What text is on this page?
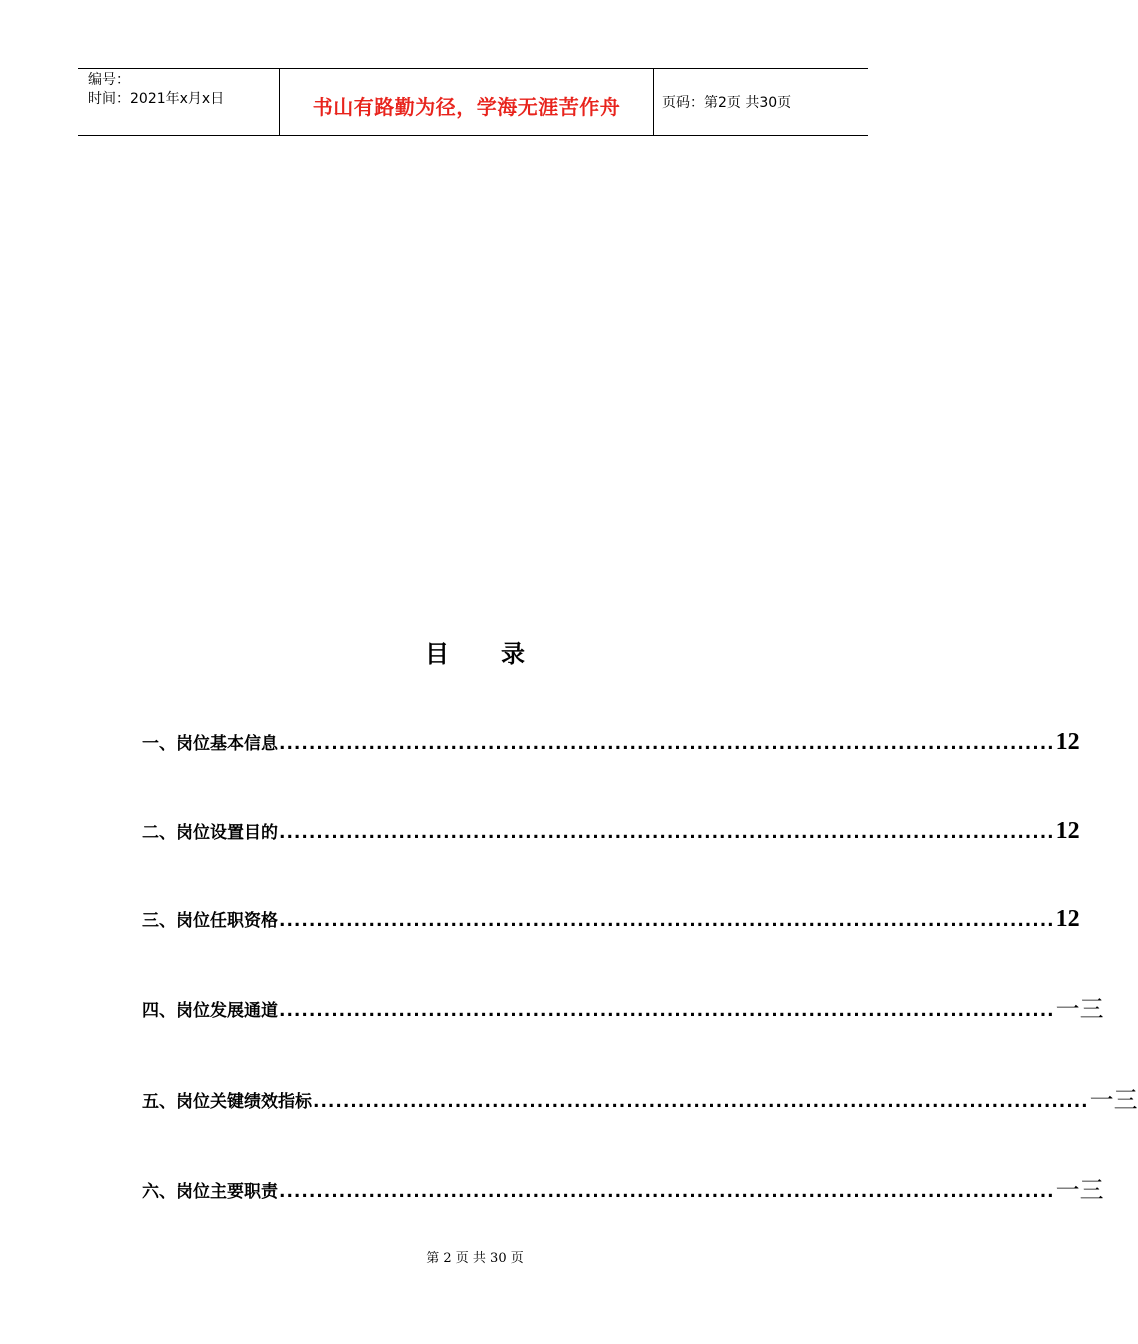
编号：
时间：2021年x月x日	书山有路勤为径，学海无涯苦作舟	页码：第2页 共30页
目 录
一、岗位基本信息 ........................................................................................................ 12
二、岗位设置目的 ........................................................................................................ 12
三、岗位任职资格 ........................................................................................................ 12
四、岗位发展通道 ........................................................................................................ 一三
五、岗位关键绩效指标 ........................................................................................................ 一三
六、岗位主要职责 ........................................................................................................ 一三
第 2 页 共 30 页
